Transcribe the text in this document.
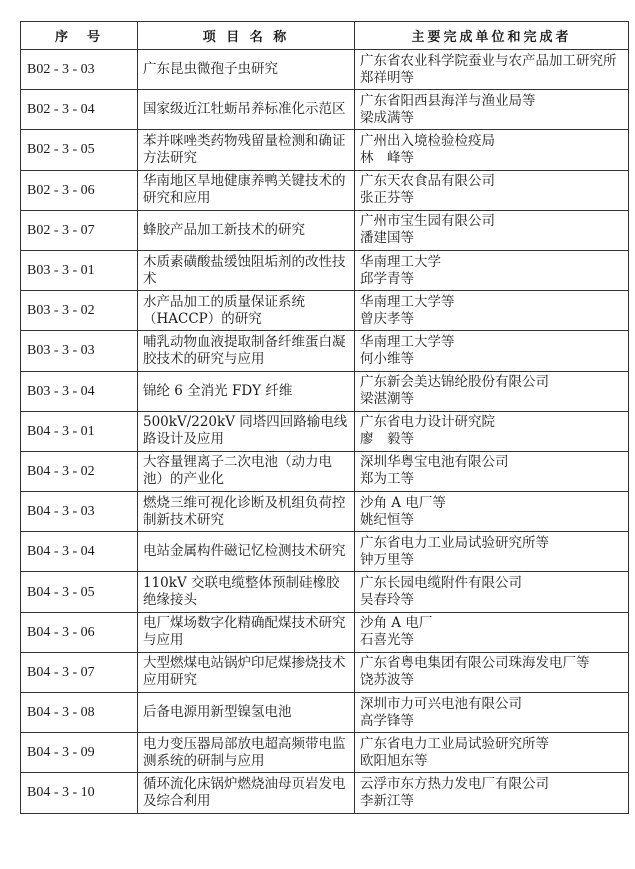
序　号	项 目 名 称	主要完成单位和完成者
B02 - 3 - 03	广东昆虫微孢子虫研究	广东省农业科学院蚕业与农产品加工研究所
郑祥明等

B02 - 3 - 04	国家级近江牡蛎吊养标准化示范区	广东省阳西县海洋与渔业局等
梁成满等

B02 - 3 - 05	苯并咪唑类药物残留量检测和确证方法研究	广州出入境检验检疫局
林　峰等

B02 - 3 - 06	华南地区旱地健康养鸭关键技术的研究和应用	广东天农食品有限公司
张正芬等

B02 - 3 - 07	蜂胶产品加工新技术的研究	广州市宝生园有限公司
潘建国等

B03 - 3 - 01	木质素磺酸盐缓蚀阻垢剂的改性技术	华南理工大学
邱学青等

B03 - 3 - 02	水产品加工的质量保证系统（HACCP）的研究	华南理工大学等
曾庆孝等

B03 - 3 - 03	哺乳动物血液提取制备纤维蛋白凝胶技术的研究与应用	华南理工大学等
何小维等

B03 - 3 - 04	锦纶 6 全消光 FDY 纤维	广东新会美达锦纶股份有限公司
梁湛潮等

B04 - 3 - 01	500kV/220kV 同塔四回路输电线路设计及应用	广东省电力设计研究院
廖　毅等

B04 - 3 - 02	大容量锂离子二次电池（动力电池）的产业化	深圳华粤宝电池有限公司
郑为工等

B04 - 3 - 03	燃烧三维可视化诊断及机组负荷控制新技术研究	沙角 A 电厂等
姚纪恒等

B04 - 3 - 04	电站金属构件磁记忆检测技术研究	广东省电力工业局试验研究所等
钟万里等

B04 - 3 - 05	110kV 交联电缆整体预制硅橡胶绝缘接头	广东长园电缆附件有限公司
吴春玲等

B04 - 3 - 06	电厂煤场数字化精确配煤技术研究与应用	沙角 A 电厂
石喜光等

B04 - 3 - 07	大型燃煤电站锅炉印尼煤掺烧技术应用研究	广东省粤电集团有限公司珠海发电厂等
饶苏波等

B04 - 3 - 08	后备电源用新型镍氢电池	深圳市力可兴电池有限公司
高学锋等

B04 - 3 - 09	电力变压器局部放电超高频带电监测系统的研制与应用	广东省电力工业局试验研究所等
欧阳旭东等

B04 - 3 - 10	循环流化床锅炉燃烧油母页岩发电及综合利用	云浮市东方热力发电厂有限公司
李新江等
